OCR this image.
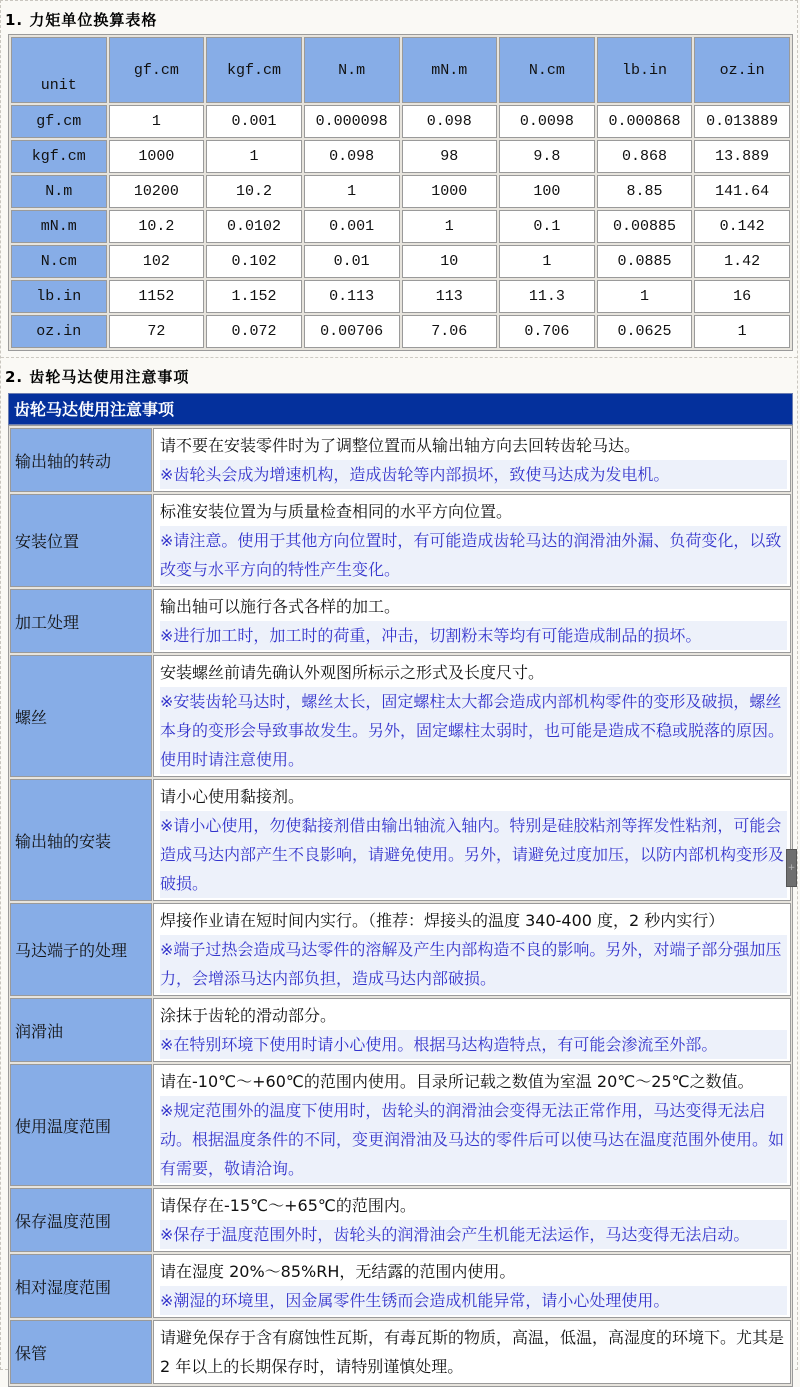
1. 力矩单位换算表格
unit	gf.cm	kgf.cm	N.m	mN.m	N.cm	lb.in	oz.in
gf.cm	1	0.001	0.000098	0.098	0.0098	0.000868	0.013889
kgf.cm	1000	1	0.098	98	9.8	0.868	13.889
N.m	10200	10.2	1	1000	100	8.85	141.64
mN.m	10.2	0.0102	0.001	1	0.1	0.00885	0.142
N.cm	102	0.102	0.01	10	1	0.0885	1.42
lb.in	1152	1.152	0.113	113	11.3	1	16
oz.in	72	0.072	0.00706	7.06	0.706	0.0625	1
2. 齿轮马达使用注意事项
齿轮马达使用注意事项
输出轴的转动	请不要在安装零件时为了调整位置而从输出轴方向去回转齿轮马达。
※齿轮头会成为增速机构，造成齿轮等内部损坏，致使马达成为发电机。

安装位置	标准安装位置为与质量检查相同的水平方向位置。
※请注意。使用于其他方向位置时，有可能造成齿轮马达的润滑油外漏、负荷变化，以致改变与水平方向的特性产生变化。

加工处理	输出轴可以施行各式各样的加工。
※进行加工时，加工时的荷重，冲击，切割粉末等均有可能造成制品的损坏。

螺丝	安装螺丝前请先确认外观图所标示之形式及长度尺寸。
※安装齿轮马达时，螺丝太长，固定螺柱太大都会造成内部机构零件的变形及破损，螺丝本身的变形会导致事故发生。另外，固定螺柱太弱时，也可能是造成不稳或脱落的原因。使用时请注意使用。

输出轴的安装	请小心使用黏接剂。
※请小心使用，勿使黏接剂借由输出轴流入轴内。特别是硅胶粘剂等挥发性粘剂，可能会造成马达内部产生不良影响，请避免使用。另外，请避免过度加压，以防内部机构变形及破损。

马达端子的处理	焊接作业请在短时间内实行。（推荐：焊接头的温度 340-400 度，2 秒内实行）
※端子过热会造成马达零件的溶解及产生内部构造不良的影响。另外，对端子部分强加压力，会增添马达内部负担，造成马达内部破损。

润滑油	涂抹于齿轮的滑动部分。
※在特别环境下使用时请小心使用。根据马达构造特点，有可能会渗流至外部。

使用温度范围	请在-10℃～+60℃的范围内使用。目录所记载之数值为室温 20℃～25℃之数值。
※规定范围外的温度下使用时，齿轮头的润滑油会变得无法正常作用，马达变得无法启动。根据温度条件的不同，变更润滑油及马达的零件后可以使马达在温度范围外使用。如有需要，敬请洽询。

保存温度范围	请保存在-15℃～+65℃的范围内。
※保存于温度范围外时，齿轮头的润滑油会产生机能无法运作，马达变得无法启动。

相对湿度范围	请在湿度 20%～85%RH，无结露的范围内使用。
※潮湿的环境里，因金属零件生锈而会造成机能异常，请小心处理使用。

保管	请避免保存于含有腐蚀性瓦斯，有毒瓦斯的物质，高温，低温，高湿度的环境下。尤其是 2 年以上的长期保存时，请特别谨慎处理。
+
